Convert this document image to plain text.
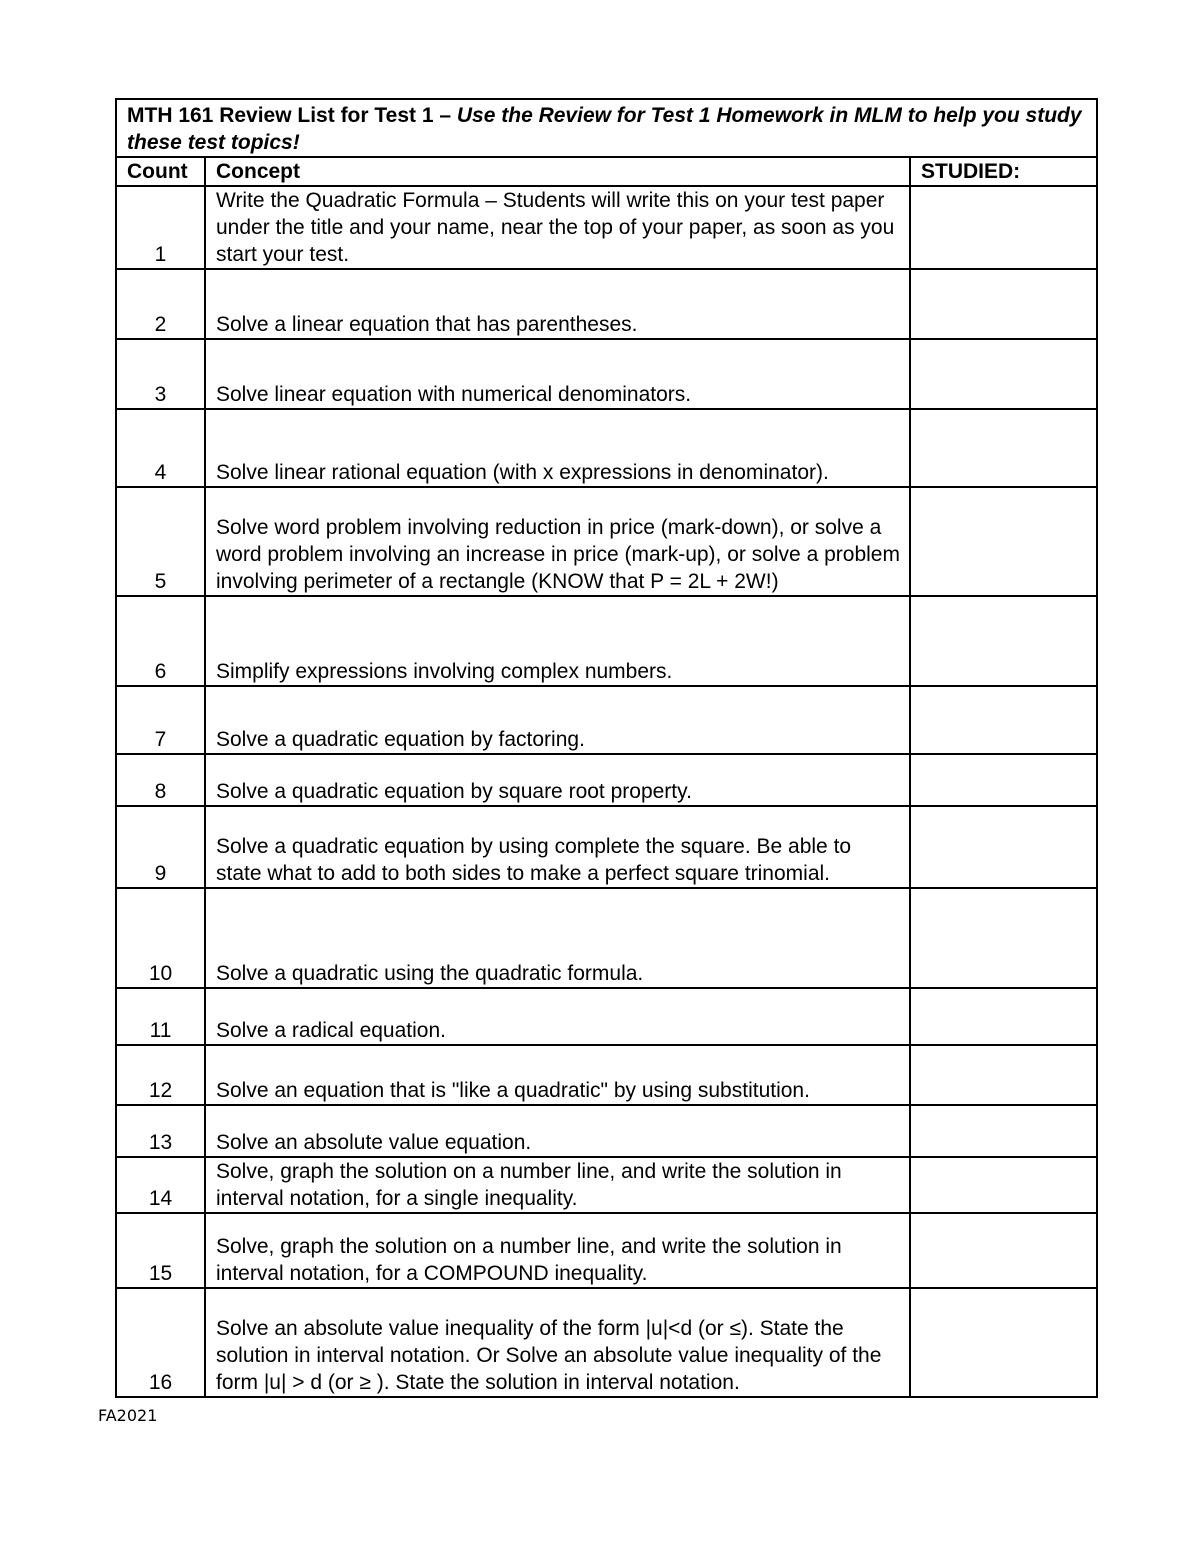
MTH 161 Review List for Test 1 – Use the Review for Test 1 Homework in MLM to help you study these test topics!		
Count	Concept	STUDIED:
1	Write the Quadratic Formula – Students will write this on your test paper under the title and your name, near the top of your paper, as soon as you start your test.	
2	Solve a linear equation that has parentheses.	
3	Solve linear equation with numerical denominators.	
4	Solve linear rational equation (with x expressions in denominator).	
5	Solve word problem involving reduction in price (mark-down), or solve a word problem involving an increase in price (mark-up), or solve a problem involving perimeter of a rectangle (KNOW that P = 2L + 2W!)	
6	Simplify expressions involving complex numbers.	
7	Solve a quadratic equation by factoring.	
8	Solve a quadratic equation by square root property.	
9	Solve a quadratic equation by using complete the square. Be able to state what to add to both sides to make a perfect square trinomial.	
10	Solve a quadratic using the quadratic formula.	
11	Solve a radical equation.	
12	Solve an equation that is "like a quadratic" by using substitution.	
13	Solve an absolute value equation.	
14	Solve, graph the solution on a number line, and write the solution in interval notation, for a single inequality.	
15	Solve, graph the solution on a number line, and write the solution in interval notation, for a COMPOUND inequality.	
16	Solve an absolute value inequality of the form |u|<d (or ≤). State the solution in interval notation. Or Solve an absolute value inequality of the form |u| > d (or ≥ ). State the solution in interval notation.	
FA2021
